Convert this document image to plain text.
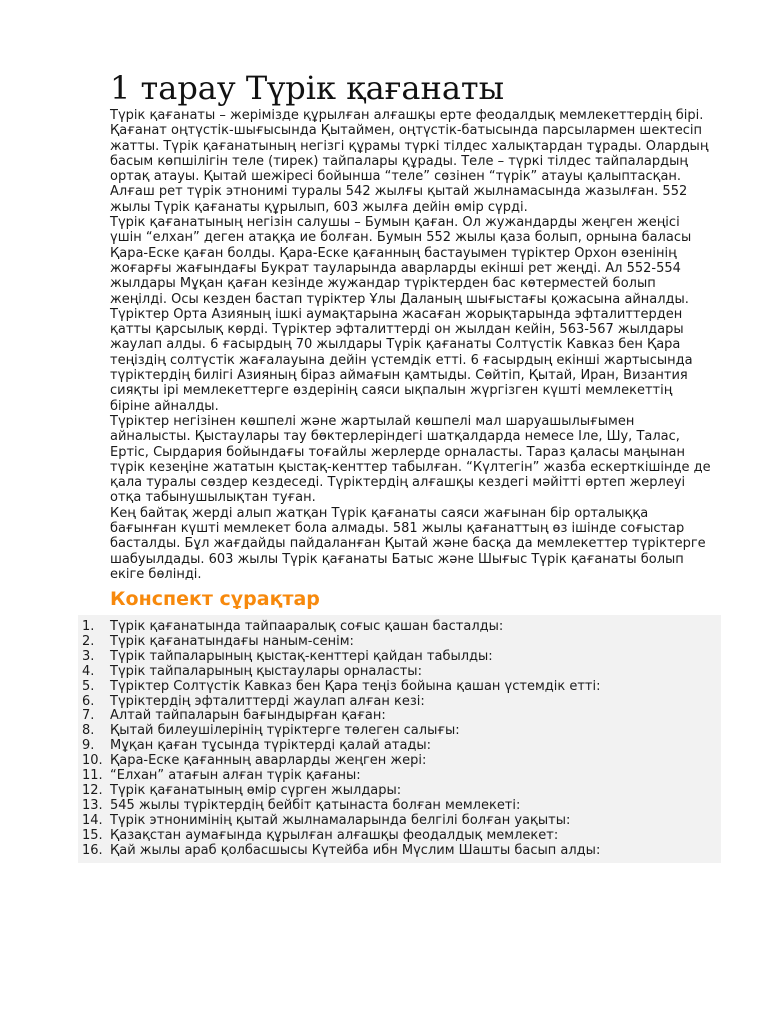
1 тарау Түрік қағанаты

Түрік қағанаты – жерімізде құрылған алғашқы ерте феодалдық мемлекеттердің бірі. Қағанат оңтүстік-шығысында Қытаймен, оңтүстік-батысында парсылармен шектесіп жатты. Түрік қағанатының негізгі құрамы түркі тілдес халықтардан тұрады. Олардың басым көпшілігін теле (тирек) тайпалары құрады. Теле – түркі тілдес тайпалардың ортақ атауы. Қытай шежіресі бойынша “теле” сөзінен “түрік” атауы қалыптасқан. Алғаш рет түрік этнонимі туралы 542 жылғы қытай жылнамасында жазылған. 552 жылы Түрік қағанаты құрылып, 603 жылға дейін өмір сүрді.

Түрік қағанатының негізін салушы – Бумын қаған. Ол жужандарды жеңген жеңісі үшін “елхан” деген атаққа ие болған. Бумын 552 жылы қаза болып, орнына баласы Қара-Еске қаған болды. Қара-Еске қағанның бастауымен түріктер Орхон өзенінің жоғарғы жағындағы Букрат тауларында аварларды екінші рет жеңді. Ал 552-554 жылдары Мұқан қаған кезінде жужандар түріктерден бас көтерместей болып жеңілді. Осы кезден бастап түріктер Ұлы Даланың шығыстағы қожасына айналды. Түріктер Орта Азияның ішкі аумақтарына жасаған жорықтарында эфталиттерден қатты қарсылық көрді. Түріктер эфталиттерді он жылдан кейін, 563-567 жылдары жаулап алды. 6 ғасырдың 70 жылдары Түрік қағанаты Солтүстік Кавказ бен Қара теңіздің солтүстік жағалауына дейін үстемдік етті. 6 ғасырдың екінші жартысында түріктердің билігі Азияның біраз аймағын қамтыды. Сөйтіп, Қытай, Иран, Византия сияқты ірі мемлекеттерге өздерінің саяси ықпалын жүргізген күшті мемлекеттің біріне айналды.

Түріктер негізінен көшпелі және жартылай көшпелі мал шаруашылығымен айналысты. Қыстаулары тау бөктерлеріндегі шатқалдарда немесе Іле, Шу, Талас, Ертіс, Сырдария бойындағы тоғайлы жерлерде орналасты. Тараз қаласы маңынан түрік кезеңіне жататын қыстақ-кенттер табылған. “Күлтегін” жазба ескерткішінде де қала туралы сөздер кездеседі. Түріктердің алғашқы кездегі мәйітті өртеп жерлеуі отқа табынушылықтан туған.

Кең байтақ жерді алып жатқан Түрік қағанаты саяси жағынан бір орталыққа бағынған күшті мемлекет бола алмады. 581 жылы қағанаттың өз ішінде соғыстар басталды. Бұл жағдайды пайдаланған Қытай және басқа да мемлекеттер түріктерге шабуылдады. 603 жылы Түрік қағанаты Батыс және Шығыс Түрік қағанаты болып екіге бөлінді.

Конспект сұрақтар
1.	Түрік қағанатында тайпааралық соғыс қашан басталды:
2.	Түрік қағанатындағы наным-сенім:
3.	Түрік тайпаларының қыстақ-кенттері қайдан табылды:
4.	Түрік тайпаларының қыстаулары орналасты:
5.	Түріктер Солтүстік Кавказ бен Қара теңіз бойына қашан үстемдік етті:
6.	Түріктердің эфталиттерді жаулап алған кезі:
7.	Алтай тайпаларын бағындырған қаған:
8.	Қытай билеушілерінің түріктерге төлеген салығы:
9.	Мұқан қаған тұсында түріктерді қалай атады:
10. Қара-Еске қағанның аварларды жеңген жері:
11. “Елхан” атағын алған түрік қағаны:
12. Түрік қағанатының өмір сүрген жылдары:
13. 545 жылы түріктердің бейбіт қатынаста болған мемлекеті:
14. Түрік этнонимінің қытай жылнамаларында белгілі болған уақыты:
15. Қазақстан аумағында құрылған алғашқы феодалдық мемлекет:
16. Қай жылы араб қолбасшысы Күтейба ибн Мүслим Шашты басып алды:
